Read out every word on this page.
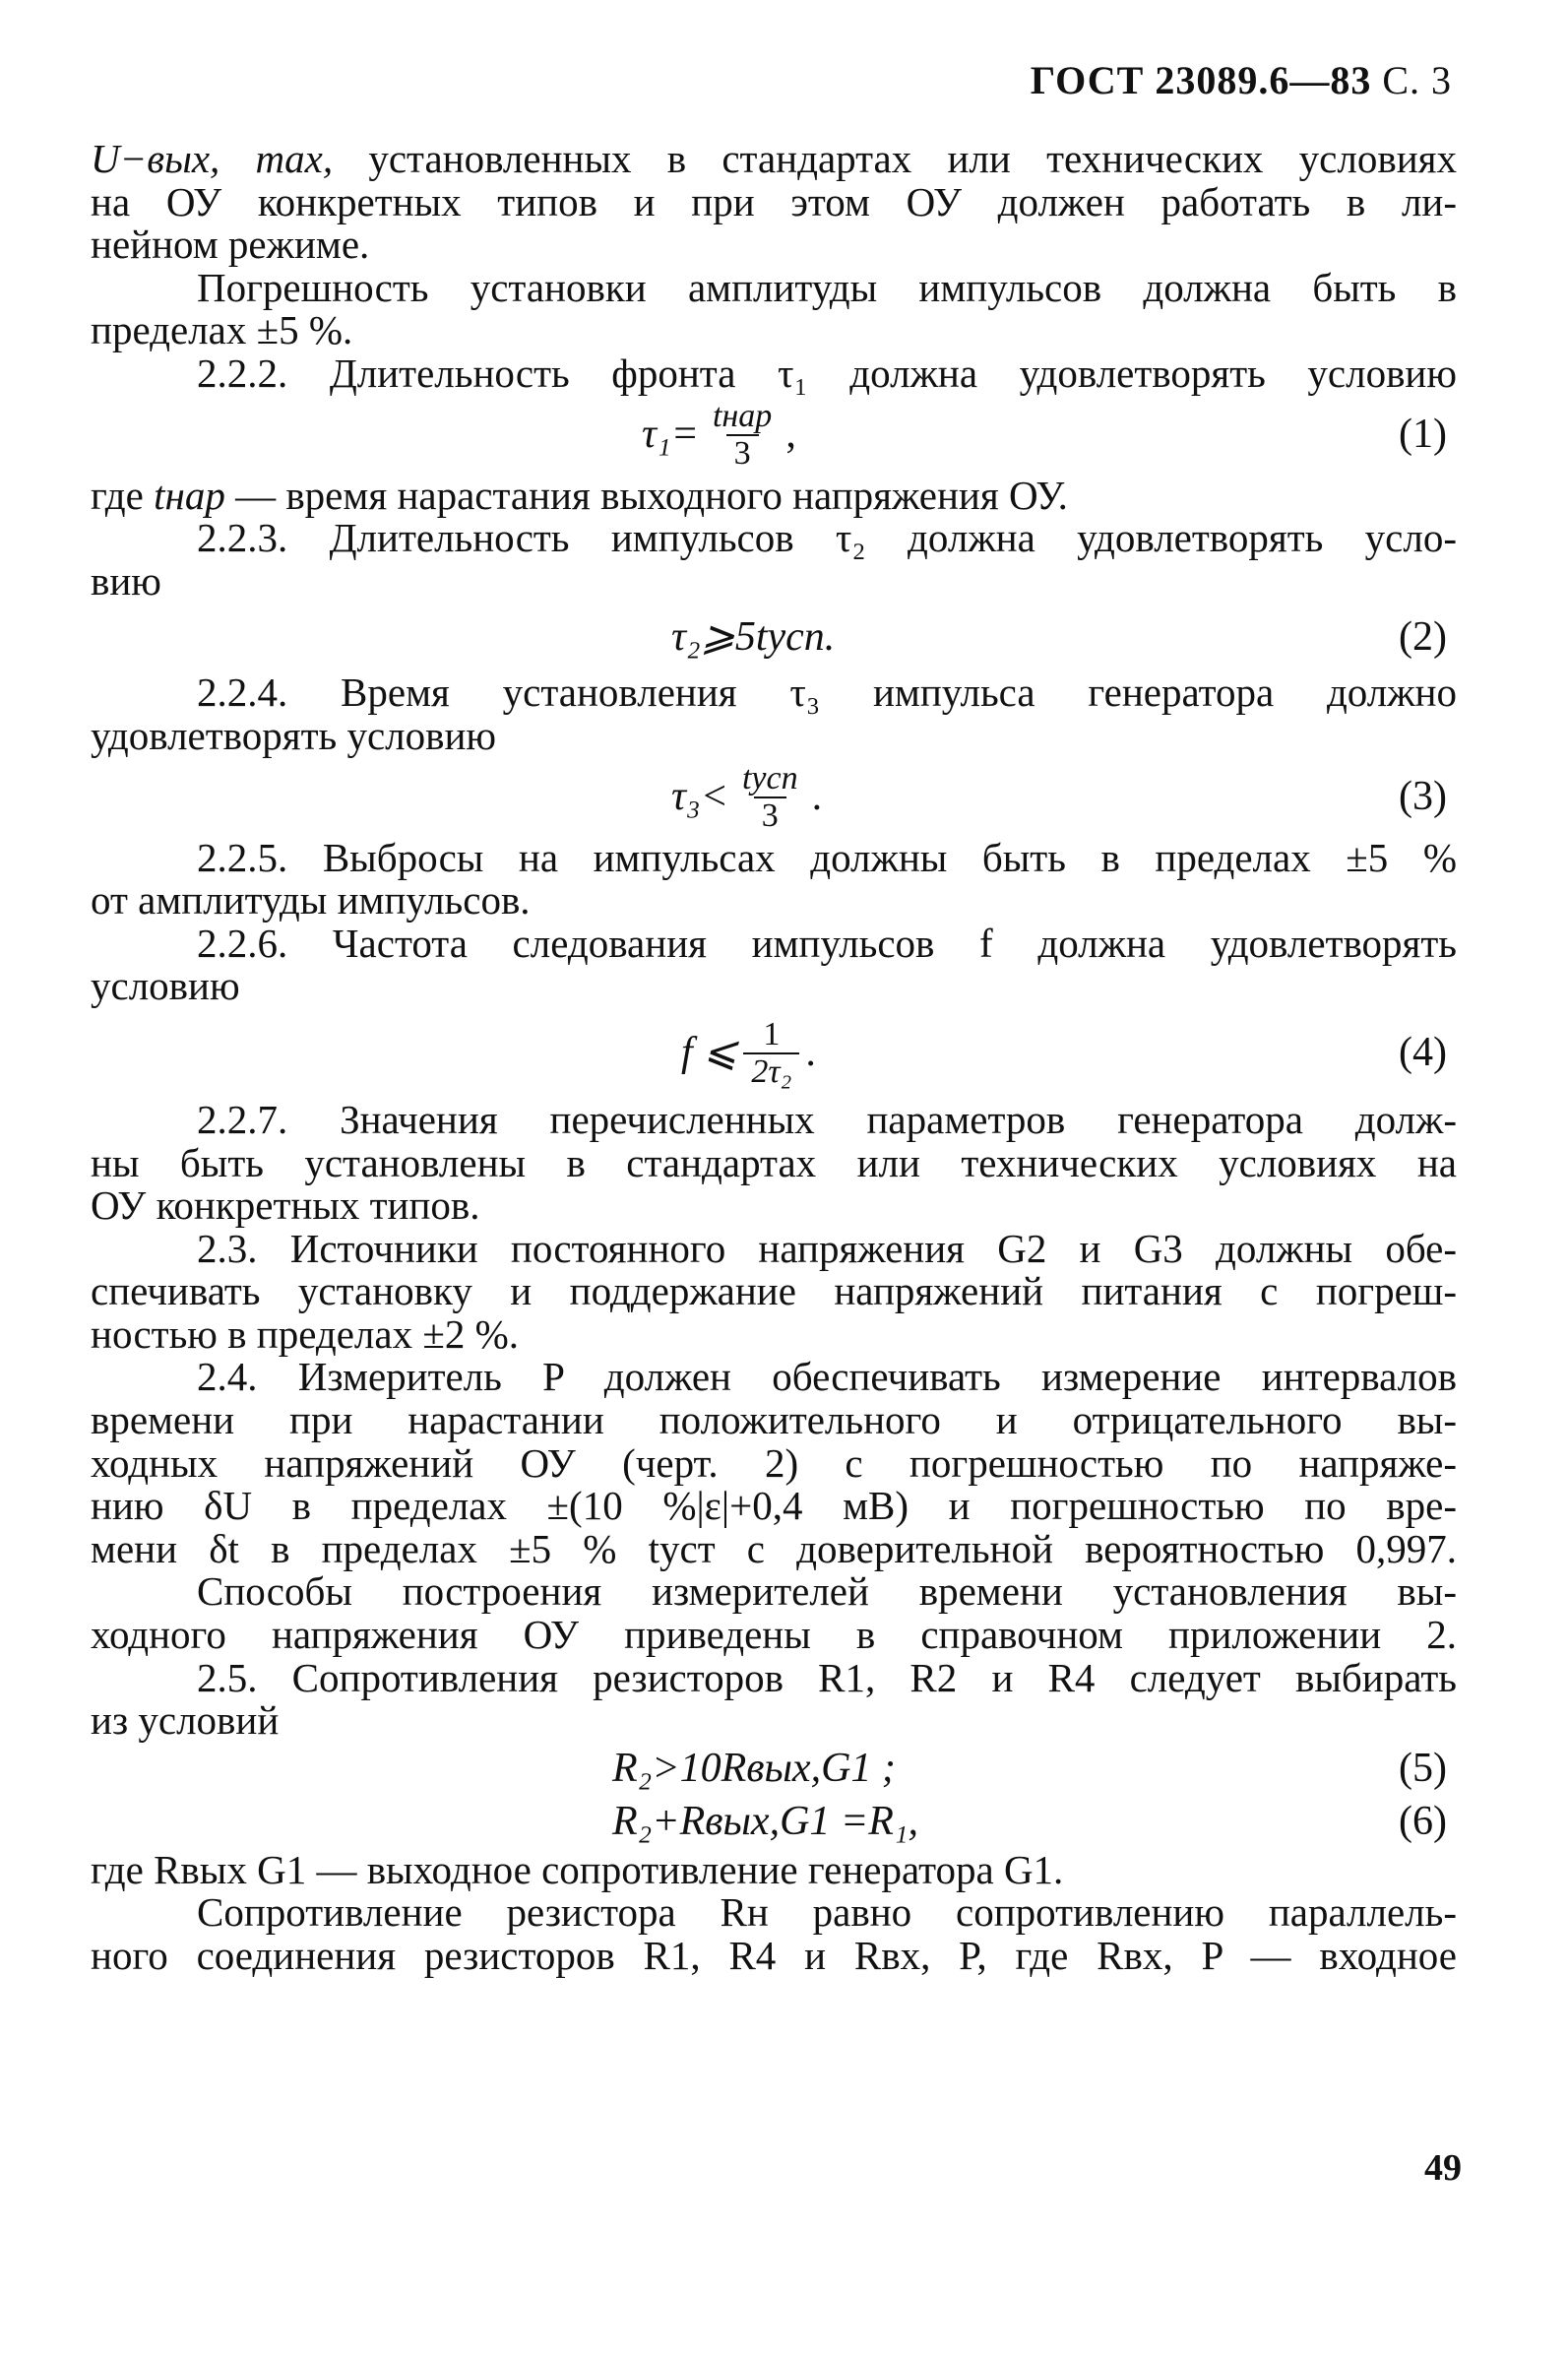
ГОСТ 23089.6—83 С. 3

U−вых, max, установленных в стандартах или технических условиях

на ОУ конкретных типов и при этом ОУ должен работать в ли-

нейном режиме.

Погрешность установки амплитуды импульсов должна быть в

пределах ±5 %.

2.2.2. Длительность фронта τ₁ должна удовлетворять условию

$\tau_1= \frac{\text{tнар}}{3}$ ,	(1)

где tнар — время нарастания выходного напряжения ОУ.

2.2.3. Длительность импульсов τ₂ должна удовлетворять усло-

вию

τ₂⩾5tусп.	(2)

2.2.4. Время установления τ₃ импульса генератора должно

удовлетворять условию

$\tau_3< \frac{\text{tусп}}{3}$ .	(3)

2.2.5. Выбросы на импульсах должны быть в пределах ±5 %

от амплитуды импульсов.

2.2.6. Частота следования импульсов f должна удовлетворять

условию

f ⩽ $\frac{1}{\text{2τ₂}}$ .	(4)

2.2.7. Значения перечисленных параметров генератора долж-

ны быть установлены в стандартах или технических условиях на

ОУ конкретных типов.

2.3. Источники постоянного напряжения G2 и G3 должны обе-

спечивать установку и поддержание напряжений питания с погреш-

ностью в пределах ±2 %.

2.4. Измеритель P должен обеспечивать измерение интервалов

времени при нарастании положительного и отрицательного вы-

ходных напряжений ОУ (черт. 2) с погрешностью по напряже-

нию δU в пределах ±(10 %|ε|+0,4 мВ) и погрешностью по вре-

мени δt в пределах ±5 % tуст с доверительной вероятностью 0,997.

Способы построения измерителей времени установления вы-

ходного напряжения ОУ приведены в справочном приложении 2.

2.5. Сопротивления резисторов R1, R2 и R4 следует выбирать

из условий

R₂>10Rвых,G1 ;	(5)
R₂+Rвых,G1 =R₁,	(6)

где Rвых G1 — выходное сопротивление генератора G1.

Сопротивление резистора Rн равно сопротивлению параллель-

ного соединения резисторов R1, R4 и Rвх, P, где Rвх, P — входное

49
